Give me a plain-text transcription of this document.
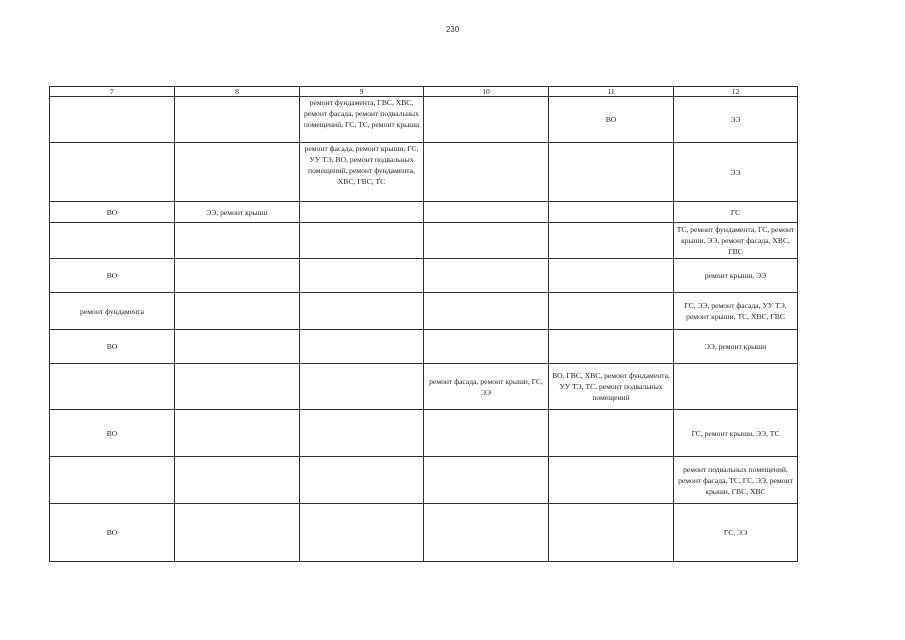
230
7	8	9	10	11	12
		ремонт фундамента, ГВС, ХВС, ремонт фасада, ремонт подвальных помещений, ГС, ТС, ремонт крыши		ВО	ЭЭ
		ремонт фасада, ремонт крыши, ГС, УУ ТЭ, ВО, ремонт подвальных помещений, ремонт фундамента, ХВС, ГВС, ТС			ЭЭ
ВО	ЭЭ, ремонт крыши				ГС
					ТС, ремонт фундамента, ГС, ремонт крыши, ЭЭ, ремонт фасада, ХВС, ГВС
ВО					ремонт крыши, ЭЭ
ремонт фундамента					ГС, ЭЭ, ремонт фасада, УУ ТЭ, ремонт крыши, ТС, ХВС, ГВС
ВО					ЭЭ, ремонт крыши
			ремонт фасада, ремонт крыши, ГС, ЭЭ	ВО, ГВС, ХВС, ремонт фундамента, УУ ТЭ, ТС, ремонт подвальных помещений	
ВО					ГС, ремонт крыши, ЭЭ, ТС
					ремонт подвальных помещений, ремонт фасада, ТС, ГС, ЭЭ, ремонт крыши, ГВС, ХВС
ВО					ГС, ЭЭ
